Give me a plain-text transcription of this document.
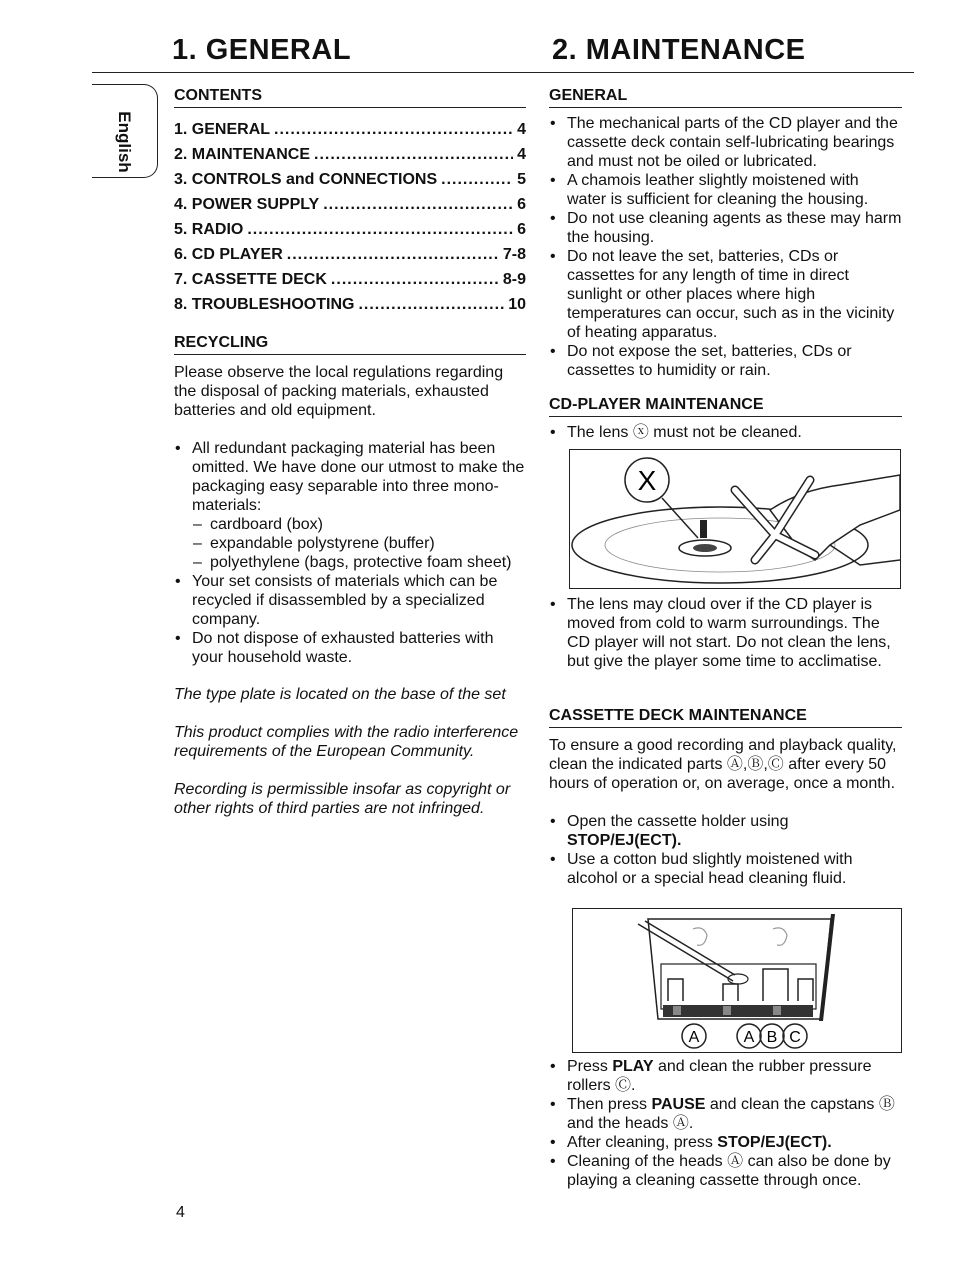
1. GENERAL	2. MAINTENANCE
English
CONTENTS
1. GENERAL .....	4
2. MAINTENANCE .....	4
3. CONTROLS and CONNECTIONS .....	5
4. POWER SUPPLY .....	6
5. RADIO .....	6
6. CD PLAYER .....	7-8
7. CASSETTE DECK .....	8-9
8. TROUBLESHOOTING .....	10
RECYCLING
Please observe the local regulations regarding the disposal of packing materials, exhausted batteries and old equipment.
• All redundant packaging material has been omitted. We have done our utmost to make the packaging easy separable into three mono-materials:
– cardboard (box)
– expandable polystyrene (buffer)
– polyethylene (bags, protective foam sheet)
• Your set consists of materials which can be recycled if disassembled by a specialized company.
• Do not dispose of exhausted batteries with your household waste.
The type plate is located on the base of the set
This product complies with the radio interference requirements of the European Community.
Recording is permissible insofar as copyright or other rights of third parties are not infringed.
GENERAL
• The mechanical parts of the CD player and the cassette deck contain self-lubricating bearings and must not be oiled or lubricated.
• A chamois leather slightly moistened with water is sufficient for cleaning the housing.
• Do not use cleaning agents as these may harm the housing.
• Do not leave the set, batteries, CDs or cassettes for any length of time in direct sunlight or other places where high temperatures can occur, such as in the vicinity of heating apparatus.
• Do not expose the set, batteries, CDs or cassettes to humidity or rain.
CD-PLAYER MAINTENANCE
• The lens ⓧ must not be cleaned.
X
• The lens may cloud over if the CD player is moved from cold to warm surroundings. The CD player will not start. Do not clean the lens, but give the player some time to acclimatise.
CASSETTE DECK MAINTENANCE
To ensure a good recording and playback quality, clean the indicated parts Ⓐ,Ⓑ,Ⓒ after every 50 hours of operation or, on average, once a month.
• Open the cassette holder using
STOP/EJ(ECT).
• Use a cotton bud slightly moistened with alcohol or a special head cleaning fluid.
A	A B C
• Press PLAY and clean the rubber pressure rollers Ⓒ.
• Then press PAUSE and clean the capstans Ⓑ and the heads Ⓐ.
• After cleaning, press STOP/EJ(ECT).
• Cleaning of the heads Ⓐ can also be done by playing a cleaning cassette through once.
4
